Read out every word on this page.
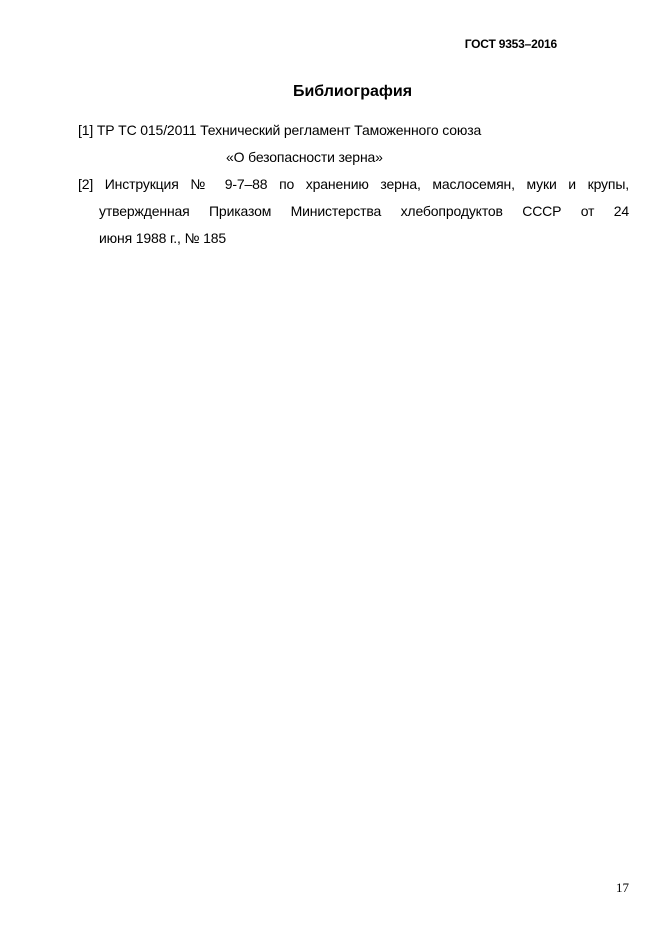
ГОСТ 9353–2016
Библиография
[1] ТР ТС 015/2011 Технический регламент Таможенного союза
«О безопасности зерна»
[2] Инструкция № 9-7–88 по хранению зерна, маслосемян, муки и крупы,
утвержденная Приказом Министерства хлебопродуктов СССР от 24
июня 1988 г., № 185
17
